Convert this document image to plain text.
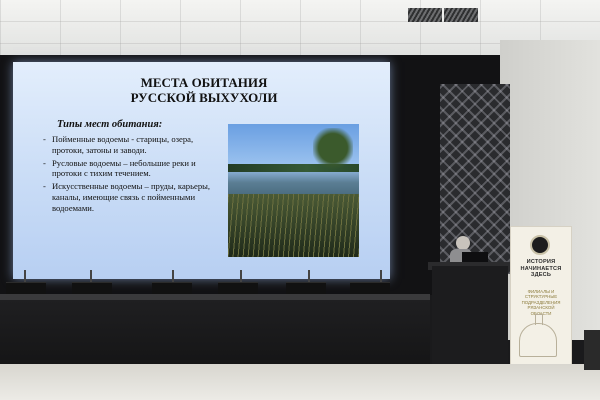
МЕСТА ОБИТАНИЯ
РУССКОЙ ВЫХУХОЛИ
Типы мест обитания:
- Пойменные водоемы - старицы, озера, протоки, затоны и заводи.
- Русловые водоемы – небольшие реки и протоки с тихим течением.
- Искусственные водоемы – пруды, карьеры, каналы, имеющие связь с пойменными водоемами.
ИСТОРИЯ
НАЧИНАЕТСЯ
ЗДЕСЬ
ФИЛИАЛЫ И
СТРУКТУРНЫЕ
ПОДРАЗДЕЛЕНИЯ
РЯЗАНСКОЙ
ОБЛАСТИ
